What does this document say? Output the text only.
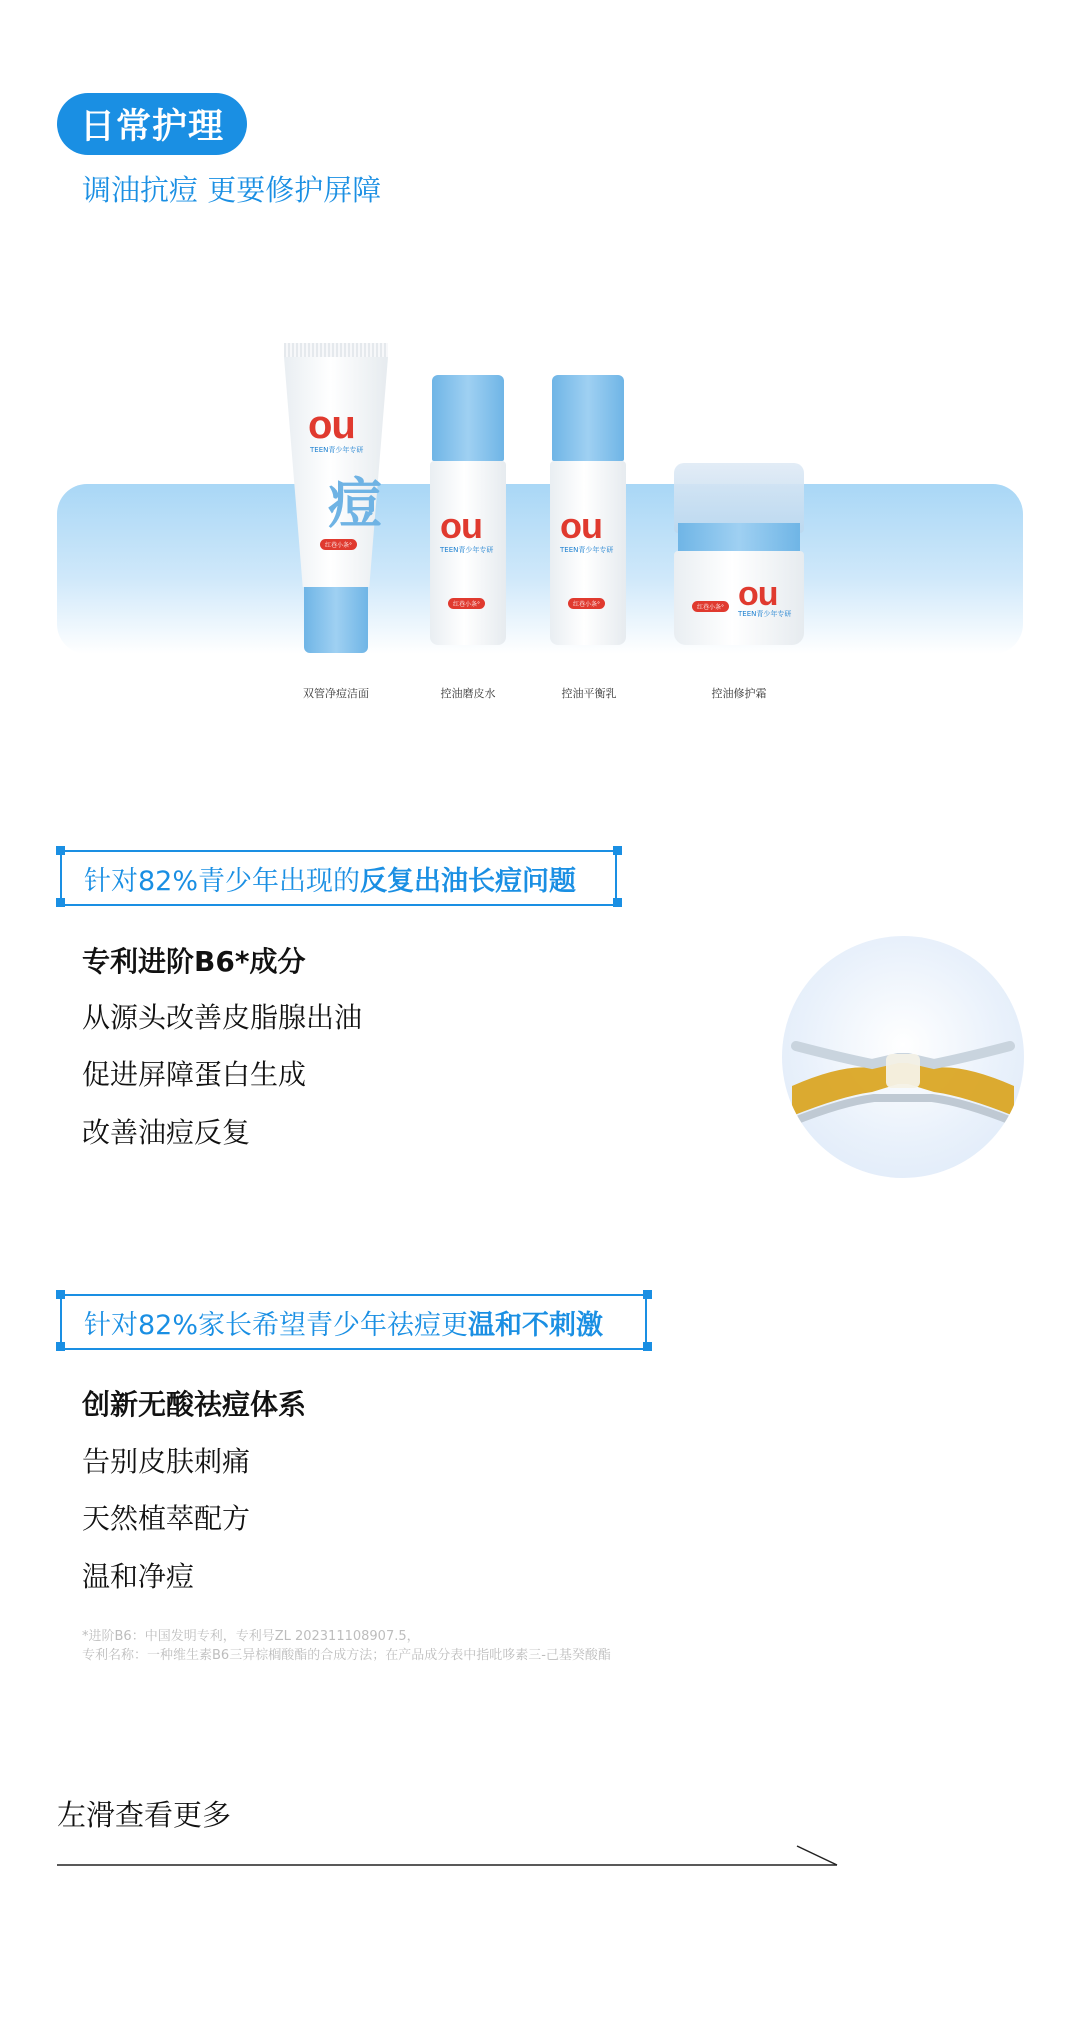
日常护理
调油抗痘 更要修护屏障
ou
TEEN青少年专研
痘
红巷小条° ou
TEEN青少年专研
红巷小条°
ou
TEEN青少年专研
红巷小条°	ou
TEEN青少年专研
红巷小条°
双管净痘洁面	控油磨皮水	控油平衡乳	控油修护霜
针对82%青少年出现的 反复出油长痘问题
专利进阶B6*成分
从源头改善皮脂腺出油
促进屏障蛋白生成
改善油痘反复
针对82%家长希望青少年祛痘更 温和不刺激
创新无酸祛痘体系
告别皮肤刺痛
天然植萃配方
温和净痘
*进阶B6：中国发明专利，专利号ZL 202311108907.5，
专利名称：一种维生素B6三异棕榈酸酯的合成方法；在产品成分表中指吡哆素三-己基癸酸酯
左滑查看更多
